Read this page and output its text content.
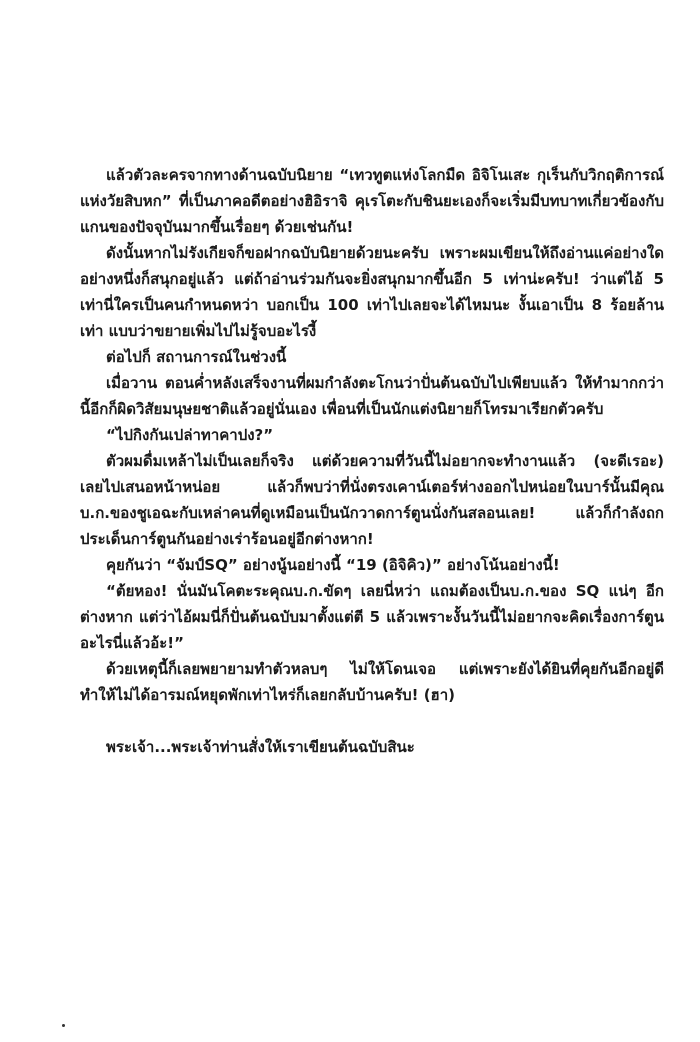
แล้วตัวละครจากทางด้านฉบับนิยาย “เทวทูตแห่งโลกมืด อิจิโนเสะ กุเร็นกับวิกฤติการณ์แห่งวัยสิบหก” ที่เป็นภาคอดีตอย่างฮิอิราจิ คุเรโตะกับชินยะเองก็จะเริ่มมีบทบาทเกี่ยวข้องกับแกนของปัจจุบันมากขึ้นเรื่อยๆ ด้วยเช่นกัน!

ดังนั้นหากไม่รังเกียจก็ขอฝากฉบับนิยายด้วยนะครับ เพราะผมเขียนให้ถึงอ่านแค่อย่างใดอย่างหนึ่งก็สนุกอยู่แล้ว แต่ถ้าอ่านร่วมกันจะยิ่งสนุกมากขึ้นอีก 5 เท่าน่ะครับ! ว่าแต่ไอ้ 5 เท่านี่ใครเป็นคนกำหนดหว่า บอกเป็น 100 เท่าไปเลยจะได้ไหมนะ งั้นเอาเป็น 8 ร้อยล้านเท่า แบบว่าขยายเพิ่มไปไม่รู้จบอะไรงี้

ต่อไปก็ สถานการณ์ในช่วงนี้

เมื่อวาน ตอนค่ำหลังเสร็จงานที่ผมกำลังตะโกนว่าปั่นต้นฉบับไปเพียบแล้ว ให้ทำมากกว่านี้อีกก็ผิดวิสัยมนุษยชาติแล้วอยู่นั่นเอง เพื่อนที่เป็นนักแต่งนิยายก็โทรมาเรียกตัวครับ

“ไปกิงกันเปล่าทาคาปง?”

ตัวผมดื่มเหล้าไม่เป็นเลยก็จริง แต่ด้วยความที่วันนี้ไม่อยากจะทำงานแล้ว (จะดีเรอะ) เลยไปเสนอหน้าหน่อย แล้วก็พบว่าที่นั่งตรงเคาน์เตอร์ห่างออกไปหน่อยในบาร์นั้นมีคุณบ.ก.ของชูเอฉะกับเหล่าคนที่ดูเหมือนเป็นนักวาดการ์ตูนนั่งกันสลอนเลย! แล้วก็กำลังถกประเด็นการ์ตูนกันอย่างเร่าร้อนอยู่อีกต่างหาก!

คุยกันว่า “จัมป์SQ” อย่างนู้นอย่างนี้ “19 (อิจิคิว)” อย่างโน้นอย่างนี้!

“ต้ยหอง! นั่นมันโคตะระคุณบ.ก.ขัดๆ เลยนี่หว่า แถมต้องเป็นบ.ก.ของ SQ แน่ๆ อีกต่างหาก แต่ว่าไอ้ผมนี่ก็ปั่นต้นฉบับมาตั้งแต่ตี 5 แล้วเพราะงั้นวันนี้ไม่อยากจะคิดเรื่องการ์ตูนอะไรนี่แล้วอ้ะ!”

ด้วยเหตุนี้ก็เลยพยายามทำตัวหลบๆ ไม่ให้โดนเจอ แต่เพราะยังได้ยินที่คุยกันอีกอยู่ดีทำให้ไม่ได้อารมณ์หยุดพักเท่าไหร่ก็เลยกลับบ้านครับ! (ฮา)

พระเจ้า...พระเจ้าท่านสั่งให้เราเขียนต้นฉบับสินะ
